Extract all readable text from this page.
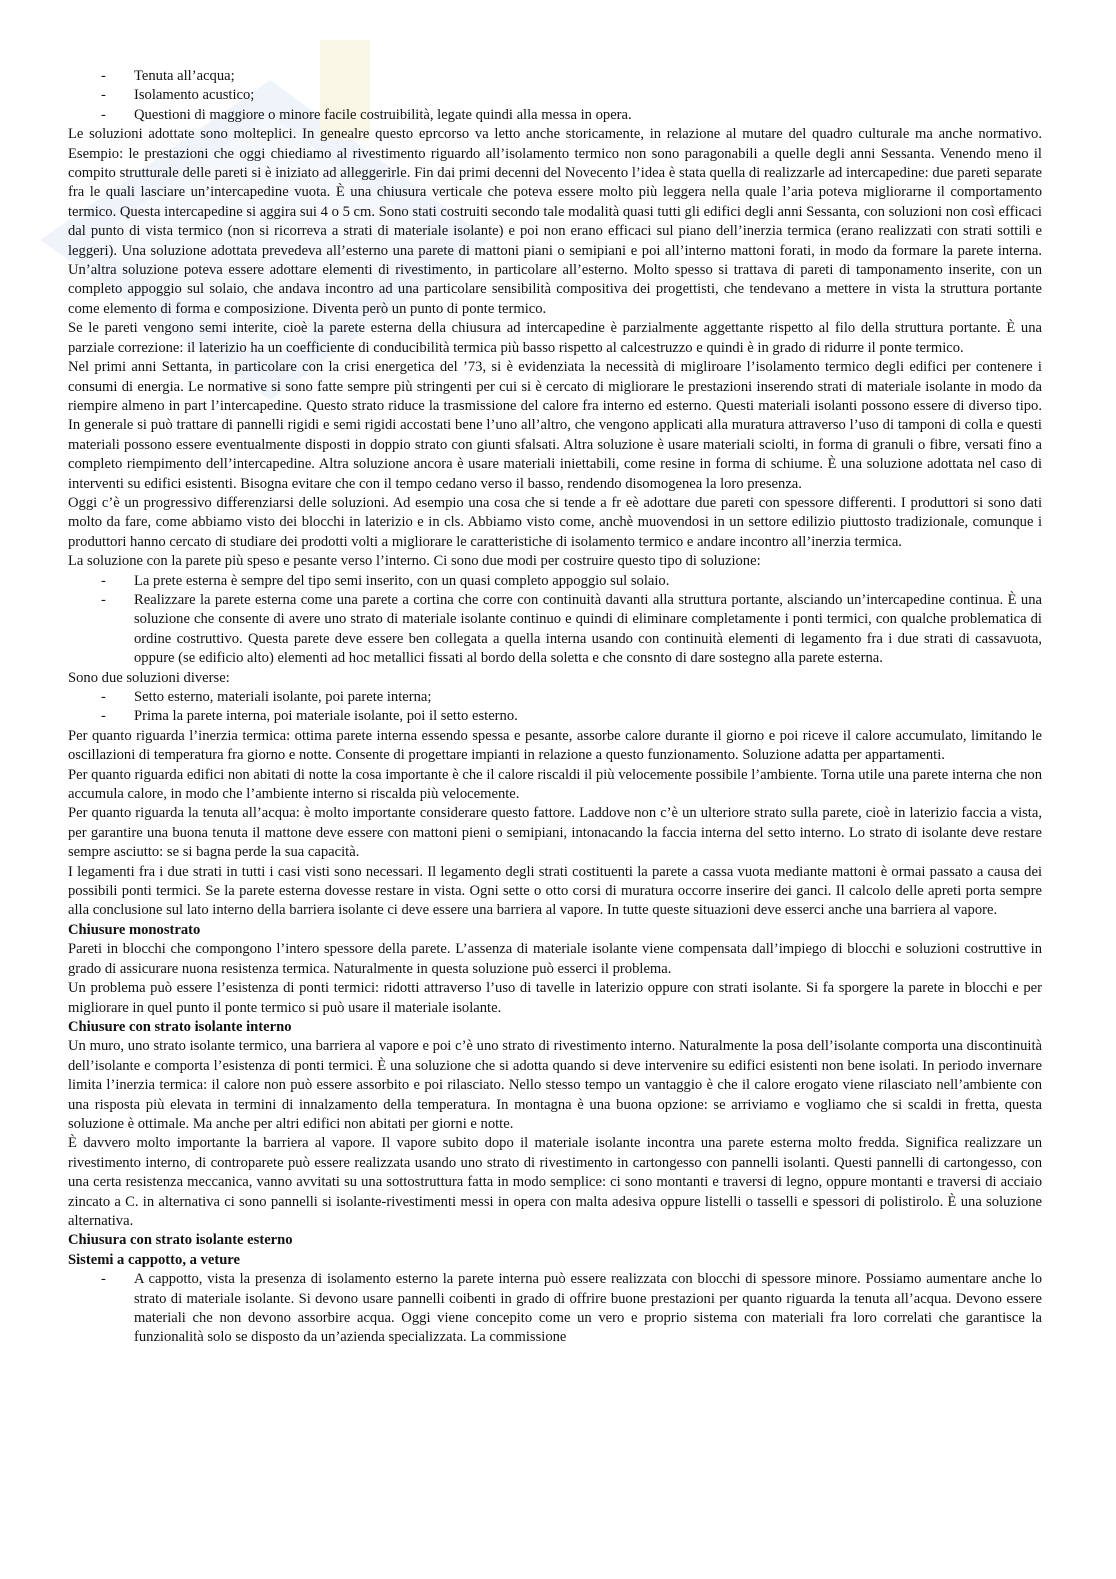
- Tenuta all’acqua;
- Isolamento acustico;
- Questioni di maggiore o minore facile costruibilità, legate quindi alla messa in opera.

Le soluzioni adottate sono molteplici. In genealre questo eprcorso va letto anche storicamente, in relazione al mutare del quadro culturale ma anche normativo. Esempio: le prestazioni che oggi chiediamo al rivestimento riguardo all’isolamento termico non sono paragonabili a quelle degli anni Sessanta. Venendo meno il compito strutturale delle pareti si è iniziato ad alleggerirle. Fin dai primi decenni del Novecento l’idea è stata quella di realizzarle ad intercapedine: due pareti separate fra le quali lasciare un’intercapedine vuota. È una chiusura verticale che poteva essere molto più leggera nella quale l’aria poteva migliorarne il comportamento termico. Questa intercapedine si aggira sui 4 o 5 cm. Sono stati costruiti secondo tale modalità quasi tutti gli edifici degli anni Sessanta, con soluzioni non così efficaci dal punto di vista termico (non si ricorreva a strati di materiale isolante) e poi non erano efficaci sul piano dell’inerzia termica (erano realizzati con strati sottili e leggeri). Una soluzione adottata prevedeva all’esterno una parete di mattoni piani o semipiani e poi all’interno mattoni forati, in modo da formare la parete interna. Un’altra soluzione poteva essere adottare elementi di rivestimento, in particolare all’esterno. Molto spesso si trattava di pareti di tamponamento inserite, con un completo appoggio sul solaio, che andava incontro ad una particolare sensibilità compositiva dei progettisti, che tendevano a mettere in vista la struttura portante come elemento di forma e composizione. Diventa però un punto di ponte termico.

Se le pareti vengono semi interite, cioè la parete esterna della chiusura ad intercapedine è parzialmente aggettante rispetto al filo della struttura portante. È una parziale correzione: il laterizio ha un coefficiente di conducibilità termica più basso rispetto al calcestruzzo e quindi è in grado di ridurre il ponte termico.

Nel primi anni Settanta, in particolare con la crisi energetica del ’73, si è evidenziata la necessità di migliroare l’isolamento termico degli edifici per contenere i consumi di energia. Le normative si sono fatte sempre più stringenti per cui si è cercato di migliorare le prestazioni inserendo strati di materiale isolante in modo da riempire almeno in part l’intercapedine. Questo strato riduce la trasmissione del calore fra interno ed esterno. Questi materiali isolanti possono essere di diverso tipo. In generale si può trattare di pannelli rigidi e semi rigidi accostati bene l’uno all’altro, che vengono applicati alla muratura attraverso l’uso di tamponi di colla e questi materiali possono essere eventualmente disposti in doppio strato con giunti sfalsati. Altra soluzione è usare materiali sciolti, in forma di granuli o fibre, versati fino a completo riempimento dell’intercapedine. Altra soluzione ancora è usare materiali iniettabili, come resine in forma di schiume. È una soluzione adottata nel caso di interventi su edifici esistenti. Bisogna evitare che con il tempo cedano verso il basso, rendendo disomogenea la loro presenza.

Oggi c’è un progressivo differenziarsi delle soluzioni. Ad esempio una cosa che si tende a fr eè adottare due pareti con spessore differenti. I produttori si sono dati molto da fare, come abbiamo visto dei blocchi in laterizio e in cls. Abbiamo visto come, anchè muovendosi in un settore edilizio piuttosto tradizionale, comunque i produttori hanno cercato di studiare dei prodotti volti a migliorare le caratteristiche di isolamento termico e andare incontro all’inerzia termica.

La soluzione con la parete più speso e pesante verso l’interno. Ci sono due modi per costruire questo tipo di soluzione:

- La prete esterna è sempre del tipo semi inserito, con un quasi completo appoggio sul solaio.
- Realizzare la parete esterna come una parete a cortina che corre con continuità davanti alla struttura portante, alsciando un’intercapedine continua. È una soluzione che consente di avere uno strato di materiale isolante continuo e quindi di eliminare completamente i ponti termici, con qualche problematica di ordine costruttivo. Questa parete deve essere ben collegata a quella interna usando con continuità elementi di legamento fra i due strati di cassavuota, oppure (se edificio alto) elementi ad hoc metallici fissati al bordo della soletta e che consnto di dare sostegno alla parete esterna.

Sono due soluzioni diverse:

- Setto esterno, materiali isolante, poi parete interna;
- Prima la parete interna, poi materiale isolante, poi il setto esterno.

Per quanto riguarda l’inerzia termica: ottima parete interna essendo spessa e pesante, assorbe calore durante il giorno e poi riceve il calore accumulato, limitando le oscillazioni di temperatura fra giorno e notte. Consente di progettare impianti in relazione a questo funzionamento. Soluzione adatta per appartamenti.

Per quanto riguarda edifici non abitati di notte la cosa importante è che il calore riscaldi il più velocemente possibile l’ambiente. Torna utile una parete interna che non accumula calore, in modo che l’ambiente interno si riscalda più velocemente.

Per quanto riguarda la tenuta all’acqua: è molto importante considerare questo fattore. Laddove non c’è un ulteriore strato sulla parete, cioè in laterizio faccia a vista, per garantire una buona tenuta il mattone deve essere con mattoni pieni o semipiani, intonacando la faccia interna del setto interno. Lo strato di isolante deve restare sempre asciutto: se si bagna perde la sua capacità.

I legamenti fra i due strati in tutti i casi visti sono necessari. Il legamento degli strati costituenti la parete a cassa vuota mediante mattoni è ormai passato a causa dei possibili ponti termici. Se la parete esterna dovesse restare in vista. Ogni sette o otto corsi di muratura occorre inserire dei ganci. Il calcolo delle apreti porta sempre alla conclusione sul lato interno della barriera isolante ci deve essere una barriera al vapore. In tutte queste situazioni deve esserci anche una barriera al vapore.

Chiusure monostrato

Pareti in blocchi che compongono l’intero spessore della parete. L’assenza di materiale isolante viene compensata dall’impiego di blocchi e soluzioni costruttive in grado di assicurare nuona resistenza termica. Naturalmente in questa soluzione può esserci il problema.

Un problema può essere l’esistenza di ponti termici: ridotti attraverso l’uso di tavelle in laterizio oppure con strati isolante. Si fa sporgere la parete in blocchi e per migliorare in quel punto il ponte termico si può usare il materiale isolante.

Chiusure con strato isolante interno

Un muro, uno strato isolante termico, una barriera al vapore e poi c’è uno strato di rivestimento interno. Naturalmente la posa dell’isolante comporta una discontinuità dell’isolante e comporta l’esistenza di ponti termici. È una soluzione che si adotta quando si deve intervenire su edifici esistenti non bene isolati. In periodo invernare limita l’inerzia termica: il calore non può essere assorbito e poi rilasciato. Nello stesso tempo un vantaggio è che il calore erogato viene rilasciato nell’ambiente con una risposta più elevata in termini di innalzamento della temperatura. In montagna è una buona opzione: se arriviamo e vogliamo che si scaldi in fretta, questa soluzione è ottimale. Ma anche per altri edifici non abitati per giorni e notte.

È davvero molto importante la barriera al vapore. Il vapore subito dopo il materiale isolante incontra una parete esterna molto fredda. Significa realizzare un rivestimento interno, di controparete può essere realizzata usando uno strato di rivestimento in cartongesso con pannelli isolanti. Questi pannelli di cartongesso, con una certa resistenza meccanica, vanno avvitati su una sottostruttura fatta in modo semplice: ci sono montanti e traversi di legno, oppure montanti e traversi di acciaio zincato a C. in alternativa ci sono pannelli si isolante-rivestimenti messi in opera con malta adesiva oppure listelli o tasselli e spessori di polistirolo. È una soluzione alternativa.

Chiusura con strato isolante esterno
Sistemi a cappotto, a veture
- A cappotto, vista la presenza di isolamento esterno la parete interna può essere realizzata con blocchi di spessore minore. Possiamo aumentare anche lo strato di materiale isolante. Si devono usare pannelli coibenti in grado di offrire buone prestazioni per quanto riguarda la tenuta all’acqua. Devono essere materiali che non devono assorbire acqua. Oggi viene concepito come un vero e proprio sistema con materiali fra loro correlati che garantisce la funzionalità solo se disposto da un’azienda specializzata. La commissione
